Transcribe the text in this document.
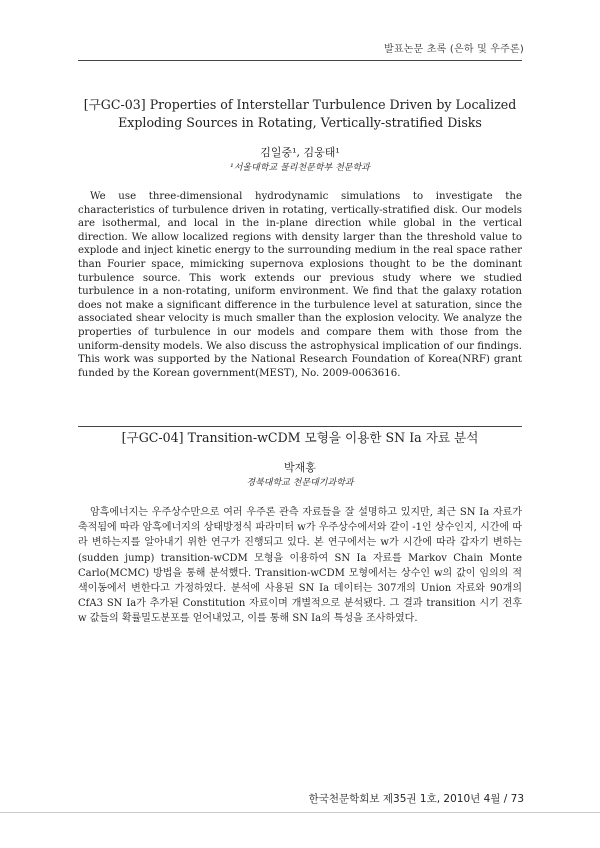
발표논문 초록 (은하 및 우주론)
[구GC-03] Properties of Interstellar Turbulence Driven by Localized Exploding Sources in Rotating, Vertically-stratified Disks
김일중¹, 김웅태¹
¹서울대학교 물리천문학부 천문학과

We use three-dimensional hydrodynamic simulations to investigate the characteristics of turbulence driven in rotating, vertically-stratified disk. Our models are isothermal, and local in the in-plane direction while global in the vertical direction. We allow localized regions with density larger than the threshold value to explode and inject kinetic energy to the surrounding medium in the real space rather than Fourier space, mimicking supernova explosions thought to be the dominant turbulence source. This work extends our previous study where we studied turbulence in a non-rotating, uniform environment. We find that the galaxy rotation does not make a significant difference in the turbulence level at saturation, since the associated shear velocity is much smaller than the explosion velocity. We analyze the properties of turbulence in our models and compare them with those from the uniform-density models. We also discuss the astrophysical implication of our findings. This work was supported by the National Research Foundation of Korea(NRF) grant funded by the Korean government(MEST), No. 2009-0063616.

[구GC-04] Transition-wCDM 모형을 이용한 SN Ia 자료 분석
박재홍
경북대학교 천문대기과학과

암흑에너지는 우주상수만으로 여러 우주론 관측 자료들을 잘 설명하고 있지만, 최근 SN Ia 자료가 축적됨에 따라 암흑에너지의 상태방정식 파라미터 w가 우주상수에서와 같이 -1인 상수인지, 시간에 따라 변하는지를 알아내기 위한 연구가 진행되고 있다. 본 연구에서는 w가 시간에 따라 갑자기 변하는(sudden jump) transition-wCDM 모형을 이용하여 SN Ia 자료를 Markov Chain Monte Carlo(MCMC) 방법을 통해 분석했다. Transition-wCDM 모형에서는 상수인 w의 값이 임의의 적색이동에서 변한다고 가정하였다. 분석에 사용된 SN Ia 데이터는 307개의 Union 자료와 90개의 CfA3 SN Ia가 추가된 Constitution 자료이며 개별적으로 분석됐다. 그 결과 transition 시기 전후 w 값들의 확률밀도분포를 얻어내었고, 이를 통해 SN Ia의 특성을 조사하였다.

한국천문학회보 제35권 1호, 2010년 4월 / 73
